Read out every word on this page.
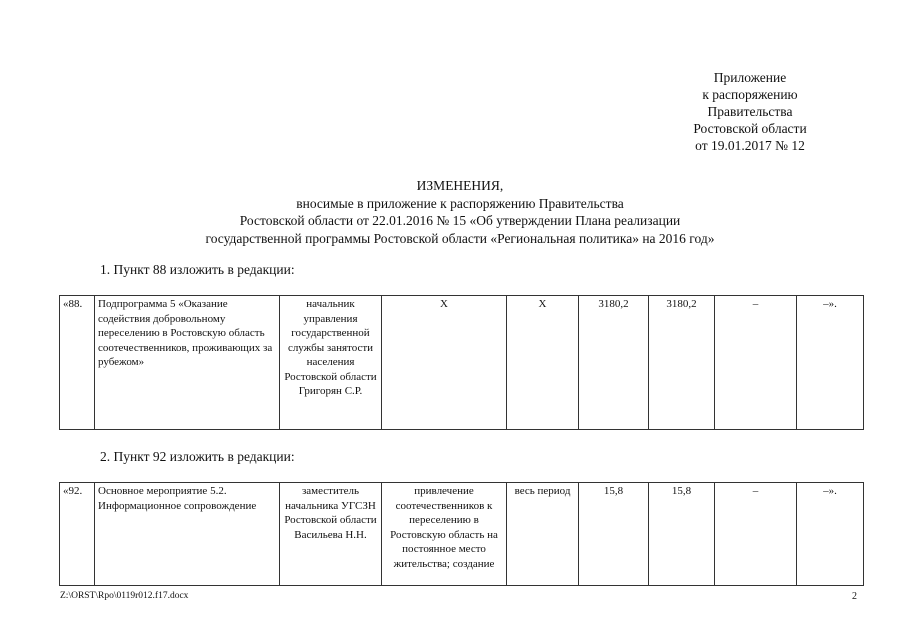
Приложение
к распоряжению
Правительства
Ростовской области
от 19.01.2017 № 12
ИЗМЕНЕНИЯ,
вносимые в приложение к распоряжению Правительства
Ростовской области от 22.01.2016 № 15 «Об утверждении Плана реализации
государственной программы Ростовской области «Региональная политика» на 2016 год»
1. Пункт 88 изложить в редакции:
«88.	Подпрограмма 5 «Оказание содействия добровольному переселению в Ростовскую область соотечественников, проживающих за рубежом»	начальник управления государственной службы занятости населения Ростовской области Григорян С.Р.	X	X	3180,2	3180,2	–	–».
2. Пункт 92 изложить в редакции:
«92.	Основное мероприятие 5.2. Информационное сопровождение	заместитель начальника УГСЗН Ростовской области Васильева Н.Н.	привлечение соотечественников к переселению в Ростовскую область на постоянное место жительства; создание	весь период	15,8	15,8	–	–».
Z:\ORST\Rpo\0119r012.f17.docx	2
